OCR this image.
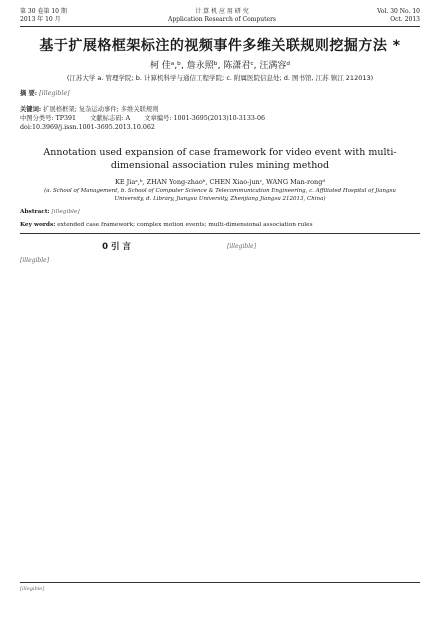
第 30 卷第 10 期
2013 年 10 月
计 算 机 应 用 研 究
Application Research of Computers
Vol. 30 No. 10
Oct. 2013
基于扩展格框架标注的视频事件多维关联规则挖掘方法 *
柯 佳ᵃ,ᵇ, 詹永照ᵇ, 陈潇君ᶜ, 汪满容ᵈ
(江苏大学 a. 管理学院; b. 计算机科学与通信工程学院; c. 附属医院信息处; d. 图书馆, 江苏 镇江 212013)
摘 要: [illegible]
关键词: 扩展格框架; 复杂运动事件; 多维关联规则
中图分类号: TP391 文献标志码: A 文章编号: 1001-3695(2013)10-3133-06
doi:10.3969/j.issn.1001-3695.2013.10.062
Annotation used expansion of case framework for video event with multi-dimensional association rules mining method
KE Jiaᵃ,ᵇ, ZHAN Yong-zhaoᵇ, CHEN Xiao-junᶜ, WANG Man-rongᵈ
(a. School of Management, b. School of Computer Science & Telecommunication Engineering, c. Affiliated Hospital of Jiangsu University, d. Library, Jiangsu University, Zhenjiang Jiangsu 212013, China)
Abstract: [illegible]
Key words: extended case framework; complex motion events; multi-dimensional association rules
0 引 言
[illegible]
[illegible]
[illegible]
